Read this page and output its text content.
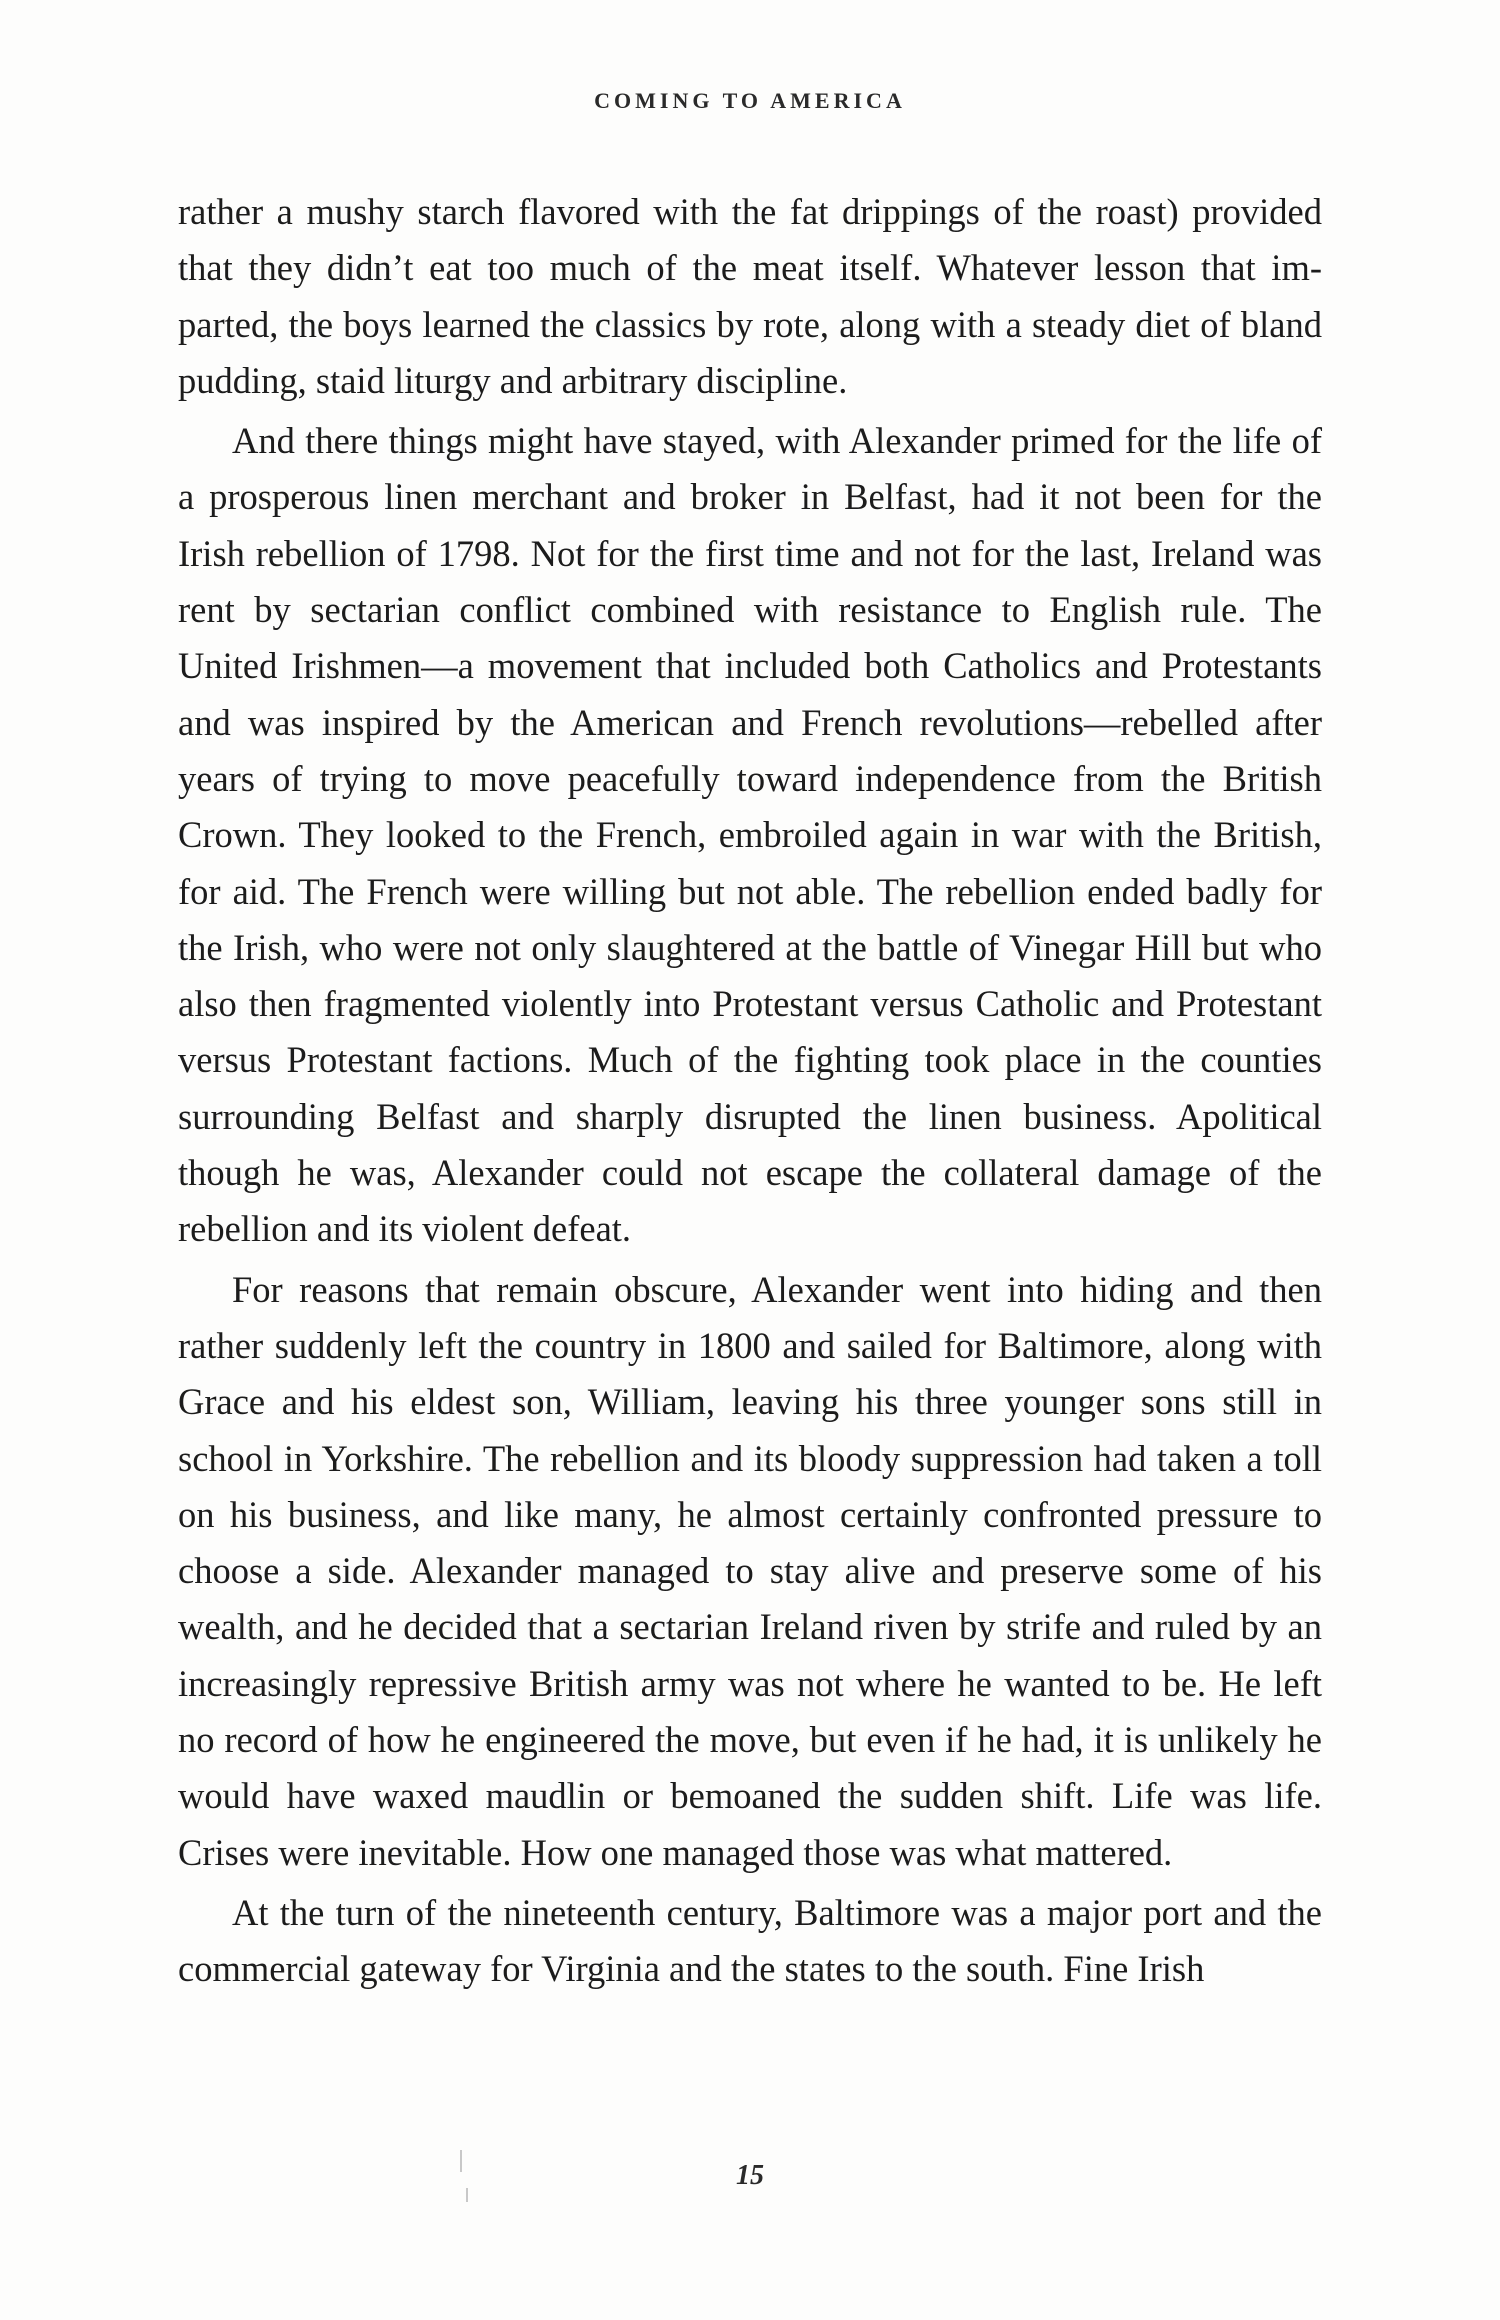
COMING TO AMERICA

rather a mushy starch flavored with the fat drippings of the roast) provided that they didn’t eat too much of the meat itself. Whatever lesson that imparted, the boys learned the classics by rote, along with a steady diet of bland pudding, staid liturgy and arbitrary discipline.

And there things might have stayed, with Alexander primed for the life of a prosperous linen merchant and broker in Belfast, had it not been for the Irish rebellion of 1798. Not for the first time and not for the last, Ireland was rent by sectarian conflict combined with resistance to English rule. The United Irishmen—a movement that included both Catholics and Protestants and was inspired by the American and French revolutions—rebelled after years of trying to move peacefully toward independence from the British Crown. They looked to the French, embroiled again in war with the British, for aid. The French were willing but not able. The rebellion ended badly for the Irish, who were not only slaughtered at the battle of Vinegar Hill but who also then fragmented violently into Protestant versus Catholic and Protestant versus Protestant factions. Much of the fighting took place in the counties surrounding Belfast and sharply disrupted the linen business. Apolitical though he was, Alexander could not escape the collateral damage of the rebellion and its violent defeat.

For reasons that remain obscure, Alexander went into hiding and then rather suddenly left the country in 1800 and sailed for Baltimore, along with Grace and his eldest son, William, leaving his three younger sons still in school in Yorkshire. The rebellion and its bloody suppression had taken a toll on his business, and like many, he almost certainly confronted pressure to choose a side. Alexander managed to stay alive and preserve some of his wealth, and he decided that a sectarian Ireland riven by strife and ruled by an increasingly repressive British army was not where he wanted to be. He left no record of how he engineered the move, but even if he had, it is unlikely he would have waxed maudlin or bemoaned the sudden shift. Life was life. Crises were inevitable. How one managed those was what mattered.

At the turn of the nineteenth century, Baltimore was a major port and the commercial gateway for Virginia and the states to the south. Fine Irish

15
